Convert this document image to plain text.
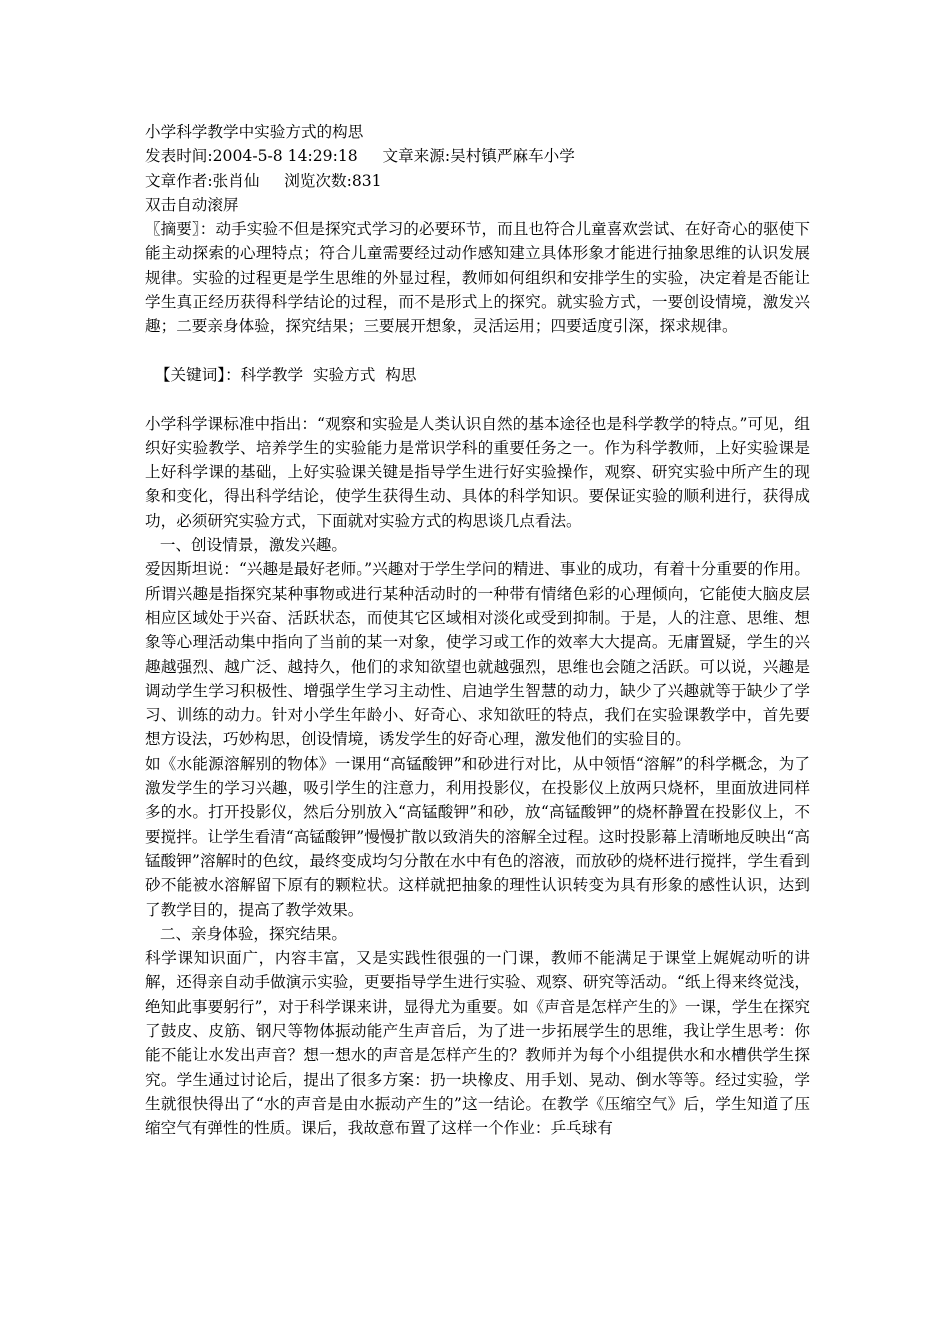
小学科学教学中实验方式的构思
发表时间:2004-5-8 14:29:18     文章来源:吴村镇严麻车小学
文章作者:张肖仙     浏览次数:831
双击自动滚屏

〖摘要〗：动手实验不但是探究式学习的必要环节，而且也符合儿童喜欢尝试、在好奇心的驱使下能主动探索的心理特点；符合儿童需要经过动作感知建立具体形象才能进行抽象思维的认识发展规律。实验的过程更是学生思维的外显过程，教师如何组织和安排学生的实验，决定着是否能让学生真正经历获得科学结论的过程，而不是形式上的探究。就实验方式，一要创设情境，激发兴趣；二要亲身体验，探究结果；三要展开想象，灵活运用；四要适度引深，探求规律。

【关键词】：科学教学  实验方式  构思

小学科学课标准中指出：“观察和实验是人类认识自然的基本途径也是科学教学的特点。”可见，组织好实验教学、培养学生的实验能力是常识学科的重要任务之一。作为科学教师，上好实验课是上好科学课的基础，上好实验课关键是指导学生进行好实验操作，观察、研究实验中所产生的现象和变化，得出科学结论，使学生获得生动、具体的科学知识。要保证实验的顺利进行，获得成功，必须研究实验方式，下面就对实验方式的构思谈几点看法。

一、创设情景，激发兴趣。

爱因斯坦说：“兴趣是最好老师。”兴趣对于学生学问的精进、事业的成功，有着十分重要的作用。所谓兴趣是指探究某种事物或进行某种活动时的一种带有情绪色彩的心理倾向，它能使大脑皮层相应区域处于兴奋、活跃状态，而使其它区域相对淡化或受到抑制。于是，人的注意、思维、想象等心理活动集中指向了当前的某一对象，使学习或工作的效率大大提高。无庸置疑，学生的兴趣越强烈、越广泛、越持久，他们的求知欲望也就越强烈，思维也会随之活跃。可以说，兴趣是调动学生学习积极性、增强学生学习主动性、启迪学生智慧的动力，缺少了兴趣就等于缺少了学习、训练的动力。针对小学生年龄小、好奇心、求知欲旺的特点，我们在实验课教学中，首先要想方设法，巧妙构思，创设情境，诱发学生的好奇心理，激发他们的实验目的。

如《水能源溶解别的物体》一课用“高锰酸钾”和砂进行对比，从中领悟“溶解”的科学概念，为了激发学生的学习兴趣，吸引学生的注意力，利用投影仪，在投影仪上放两只烧杯，里面放进同样多的水。打开投影仪，然后分别放入“高锰酸钾”和砂，放“高锰酸钾”的烧杯静置在投影仪上，不要搅拌。让学生看清“高锰酸钾”慢慢扩散以致消失的溶解全过程。这时投影幕上清晰地反映出“高锰酸钾”溶解时的色纹，最终变成均匀分散在水中有色的溶液，而放砂的烧杯进行搅拌，学生看到砂不能被水溶解留下原有的颗粒状。这样就把抽象的理性认识转变为具有形象的感性认识，达到了教学目的，提高了教学效果。

二、亲身体验，探究结果。

科学课知识面广，内容丰富，又是实践性很强的一门课，教师不能满足于课堂上娓娓动听的讲解，还得亲自动手做演示实验，更要指导学生进行实验、观察、研究等活动。“纸上得来终觉浅，绝知此事要躬行”，对于科学课来讲，显得尤为重要。如《声音是怎样产生的》一课，学生在探究了鼓皮、皮筋、钢尺等物体振动能产生声音后，为了进一步拓展学生的思维，我让学生思考：你能不能让水发出声音？想一想水的声音是怎样产生的？教师并为每个小组提供水和水槽供学生探究。学生通过讨论后，提出了很多方案：扔一块橡皮、用手划、晃动、倒水等等。经过实验，学生就很快得出了“水的声音是由水振动产生的”这一结论。在教学《压缩空气》后，学生知道了压缩空气有弹性的性质。课后，我故意布置了这样一个作业：乒乓球有
